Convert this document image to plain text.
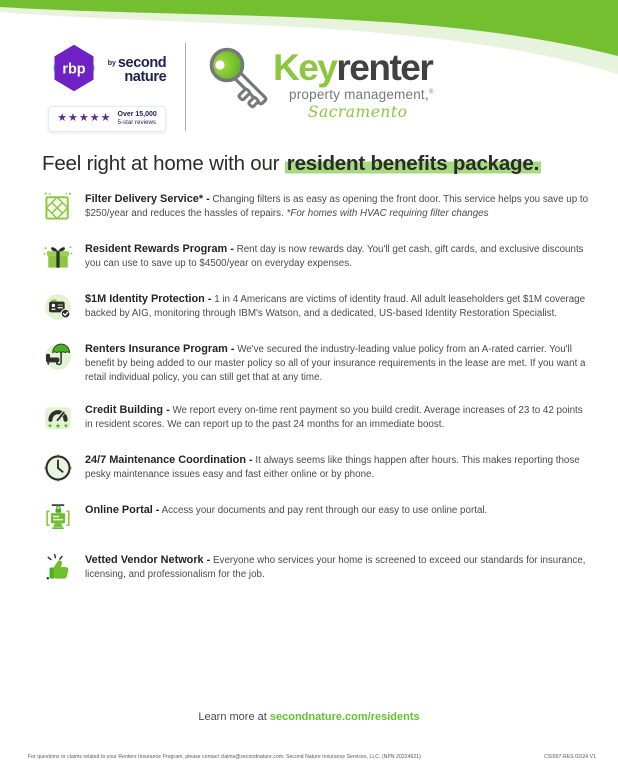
rbp	by second
nature
★★★★★ Over 15,000
5-star reviews
Keyrenter
property management,®
Sacramento
Feel right at home with our resident benefits package.

Filter Delivery Service* - Changing filters is as easy as opening the front door. This service helps you save up to $250/year and reduces the hassles of repairs. *For homes with HVAC requiring filter changes

Resident Rewards Program - Rent day is now rewards day. You'll get cash, gift cards, and exclusive discounts you can use to save up to $4500/year on everyday expenses.

$1M Identity Protection - 1 in 4 Americans are victims of identity fraud. All adult leaseholders get $1M coverage backed by AIG, monitoring through IBM's Watson, and a dedicated, US-based Identity Restoration Specialist.

Renters Insurance Program - We've secured the industry-leading value policy from an A-rated carrier. You'll benefit by being added to our master policy so all of your insurance requirements in the lease are met. If you want a retail individual policy, you can still get that at any time.

★ ★ ★

Credit Building - We report every on-time rent payment so you build credit. Average increases of 23 to 42 points in resident scores. We can report up to the past 24 months for an immediate boost.

24/7 Maintenance Coordination - It always seems like things happen after hours. This makes reporting those pesky maintenance issues easy and fast either online or by phone.

Online Portal - Access your documents and pay rent through our easy to use online portal.

Vetted Vendor Network - Everyone who services your home is screened to exceed our standards for insurance, licensing, and professionalism for the job.

Learn more at secondnature.com/residents
For questions or claims related to your Renters Insurance Program, please contact claims@secondnature.com. Second Nature Insurance Services, LLC. (NPN 20224621)	CSI007-RES 02/24 V1
